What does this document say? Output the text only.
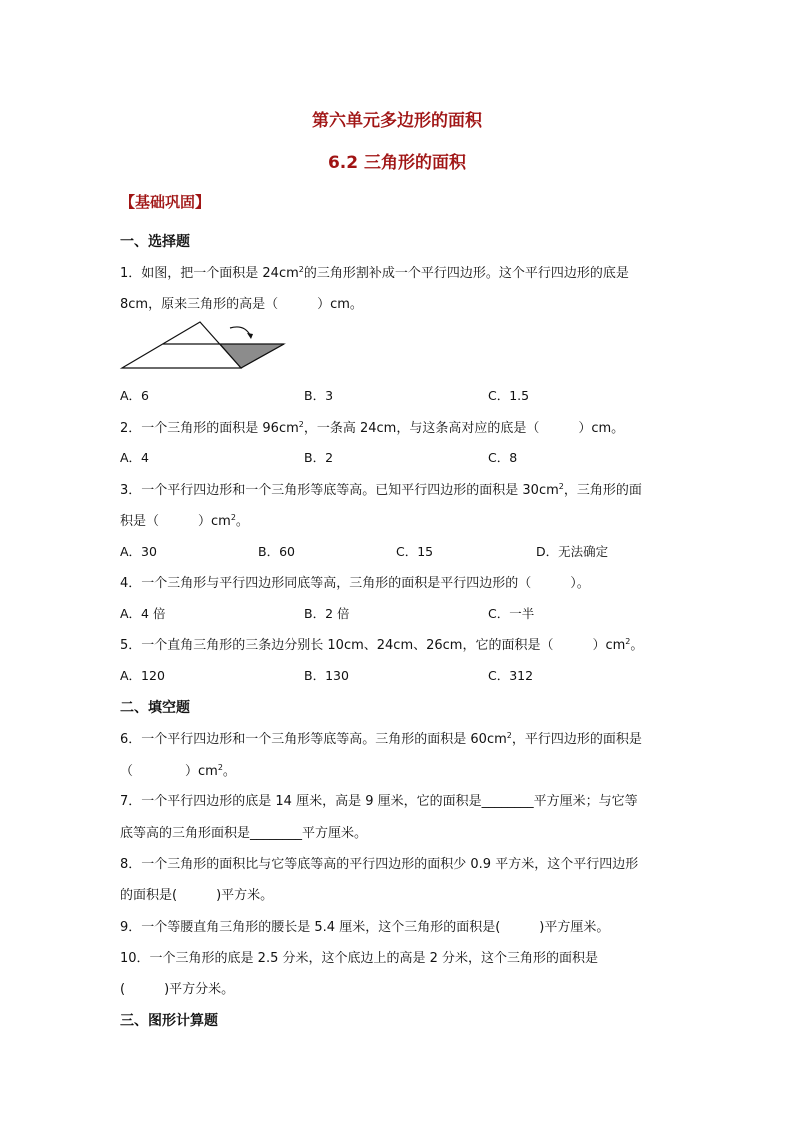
第六单元多边形的面积
6.2 三角形的面积
【基础巩固】
一、选择题
1．如图，把一个面积是 $24cm^2$的三角形割补成一个平行四边形。这个平行四边形的底是
8cm，原来三角形的高是（　　　）cm。
A．6	B．3	C．1.5
2．一个三角形的面积是 $96cm^2$，一条高 24cm，与这条高对应的底是（　　　）cm。
A．4	B．2	C．8
3．一个平行四边形和一个三角形等底等高。已知平行四边形的面积是 $30cm^2$，三角形的面
积是（　　　）$cm^2$。
A．30	B．60	C．15	D．无法确定
4．一个三角形与平行四边形同底等高，三角形的面积是平行四边形的（　　　）。
A．4 倍	B．2 倍	C．一半
5．一个直角三角形的三条边分别长 10cm、24cm、26cm，它的面积是（　　　）$cm^2$。
A．120	B．130	C．312
二、填空题
6．一个平行四边形和一个三角形等底等高。三角形的面积是 $60cm^2$，平行四边形的面积是
（　　　　）$cm^2$。
7．一个平行四边形的底是 14 厘米，高是 9 厘米，它的面积是________平方厘米；与它等
底等高的三角形面积是________平方厘米。
8．一个三角形的面积比与它等底等高的平行四边形的面积少 0.9 平方米，这个平行四边形
的面积是(　　　)平方米。
9．一个等腰直角三角形的腰长是 5.4 厘米，这个三角形的面积是(　　　)平方厘米。
10．一个三角形的底是 2.5 分米，这个底边上的高是 2 分米，这个三角形的面积是
(　　　)平方分米。
三、图形计算题
